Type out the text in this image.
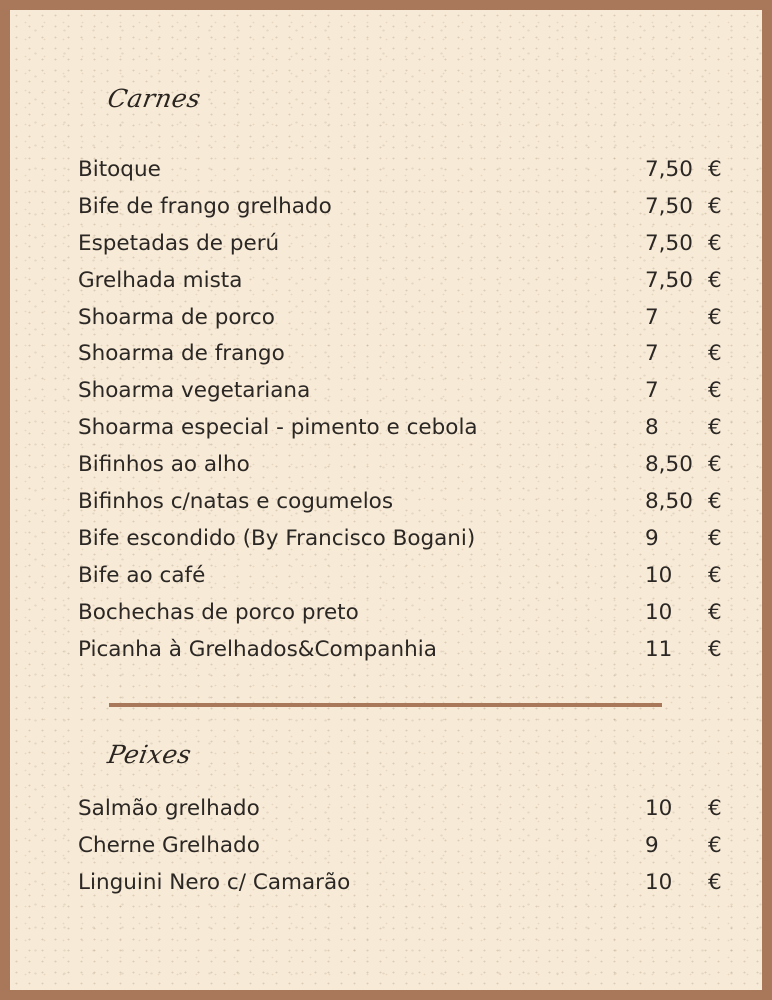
Carnes
Bitoque	7,50 €
Bife de frango grelhado	7,50 €
Espetadas de perú	7,50 €
Grelhada mista	7,50 €
Shoarma de porco	7 €
Shoarma de frango	7 €
Shoarma vegetariana	7 €
Shoarma especial - pimento e cebola	8 €
Bifinhos ao alho	8,50 €
Bifinhos c/natas e cogumelos	8,50 €
Bife escondido (By Francisco Bogani)	9 €
Bife ao café	10 €
Bochechas de porco preto	10 €
Picanha à Grelhados&Companhia	11 €
Peixes
Salmão grelhado	10 €
Cherne Grelhado	9 €
Linguini Nero c/ Camarão	10 €
